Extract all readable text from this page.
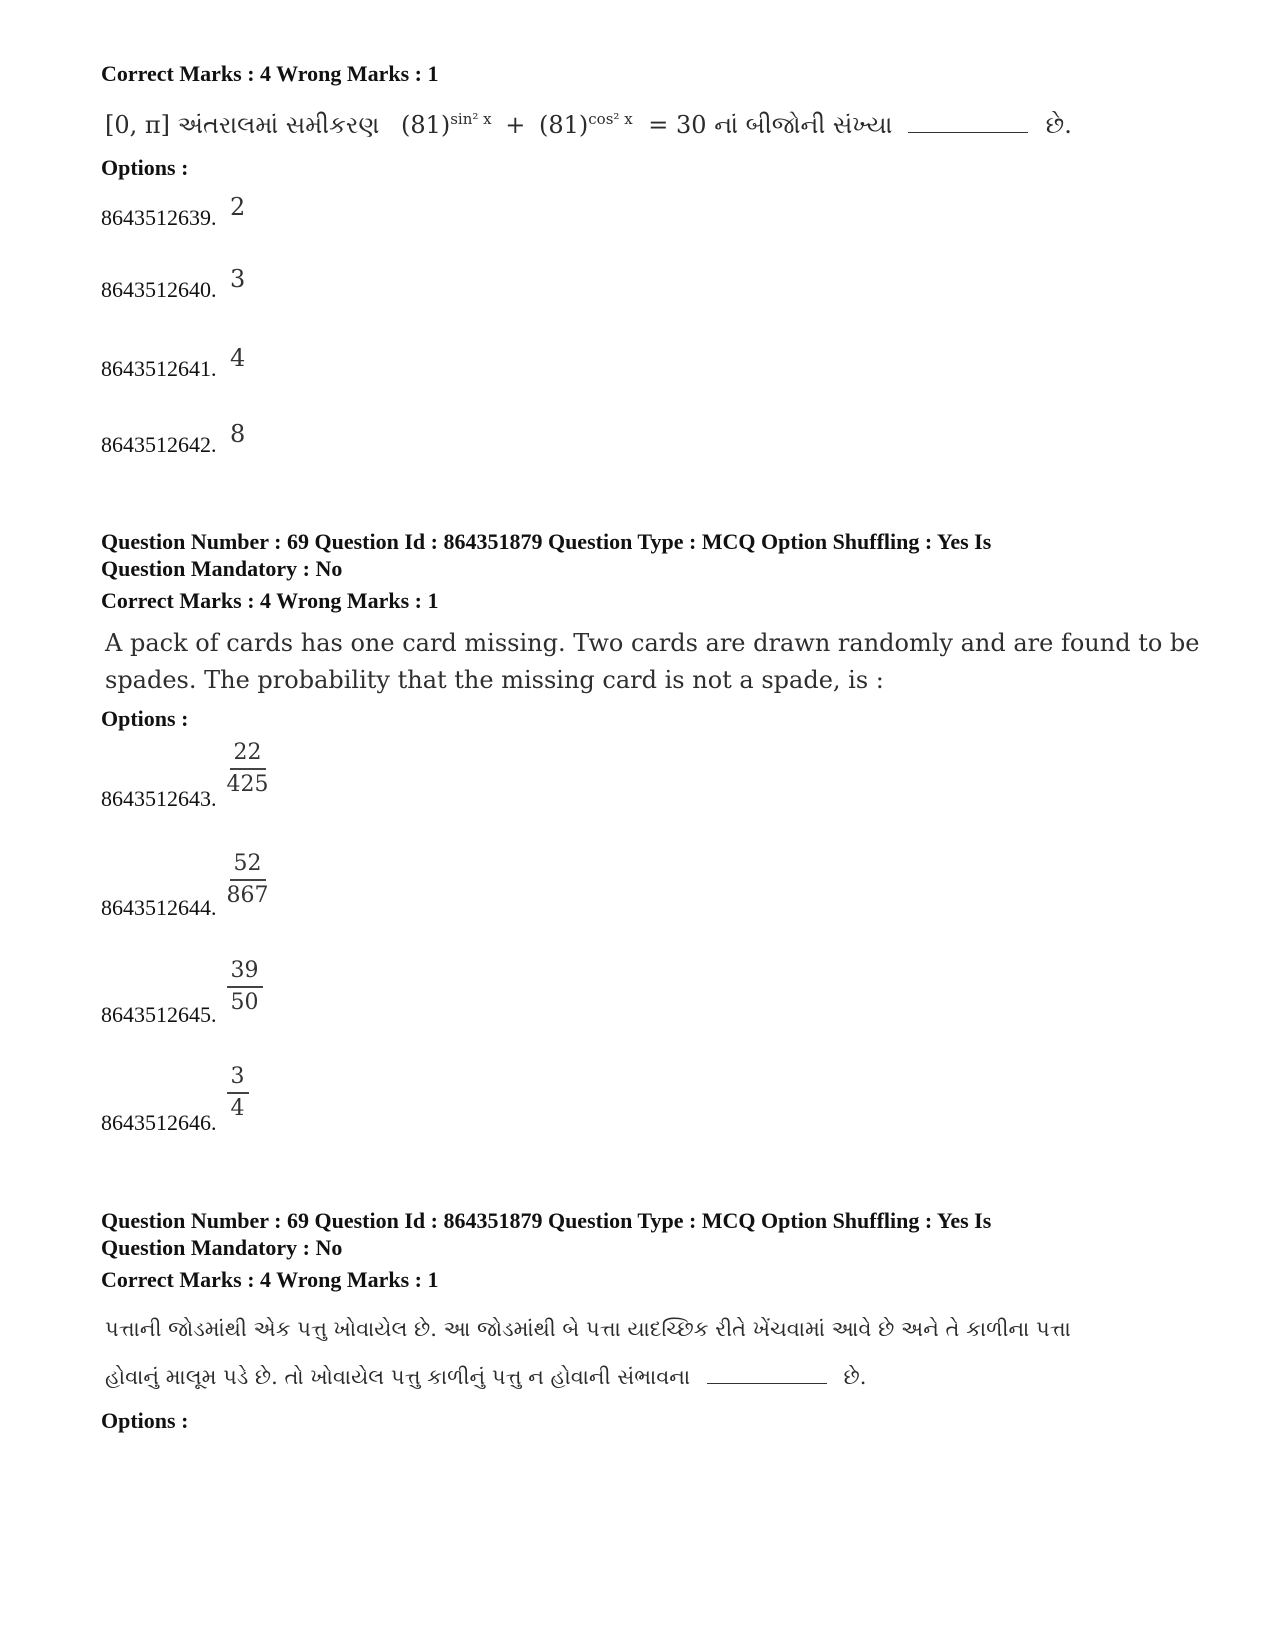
Correct Marks : 4 Wrong Marks : 1
[0, π] અંતરાલમાં સમીકરણ $(81)^{sin^2 x} + (81)^{cos^2 x} = 30$ નાં બીજોની સંખ્યા	છે.
Options :
8643512639. 2
8643512640. 3
8643512641. 4
8643512642. 8
Question Number : 69 Question Id : 864351879 Question Type : MCQ Option Shuffling : Yes Is
Question Mandatory : No
Correct Marks : 4 Wrong Marks : 1
A pack of cards has one card missing. Two cards are drawn randomly and are found to be
spades. The probability that the missing card is not a spade, is :
Options :
8643512643.
$\frac{22}{425}$
8643512644. $\frac{52}{867}$
8643512645. $\frac{39}{50}$
8643512646.
$\frac{3}{4}$
Question Number : 69 Question Id : 864351879 Question Type : MCQ Option Shuffling : Yes Is
Question Mandatory : No
Correct Marks : 4 Wrong Marks : 1
પત્તાની જોડમાંથી એક પત્તુ ખોવાયેલ છે. આ જોડમાંથી બે પત્તા યાદચ્છિક રીતે ખેંચવામાં આવે છે અને તે કાળીના પત્તા
હોવાનું માલૂમ પડે છે. તો ખોવાયેલ પત્તુ કાળીનું પત્તુ ન હોવાની સંભાવના	છે.
Options :
